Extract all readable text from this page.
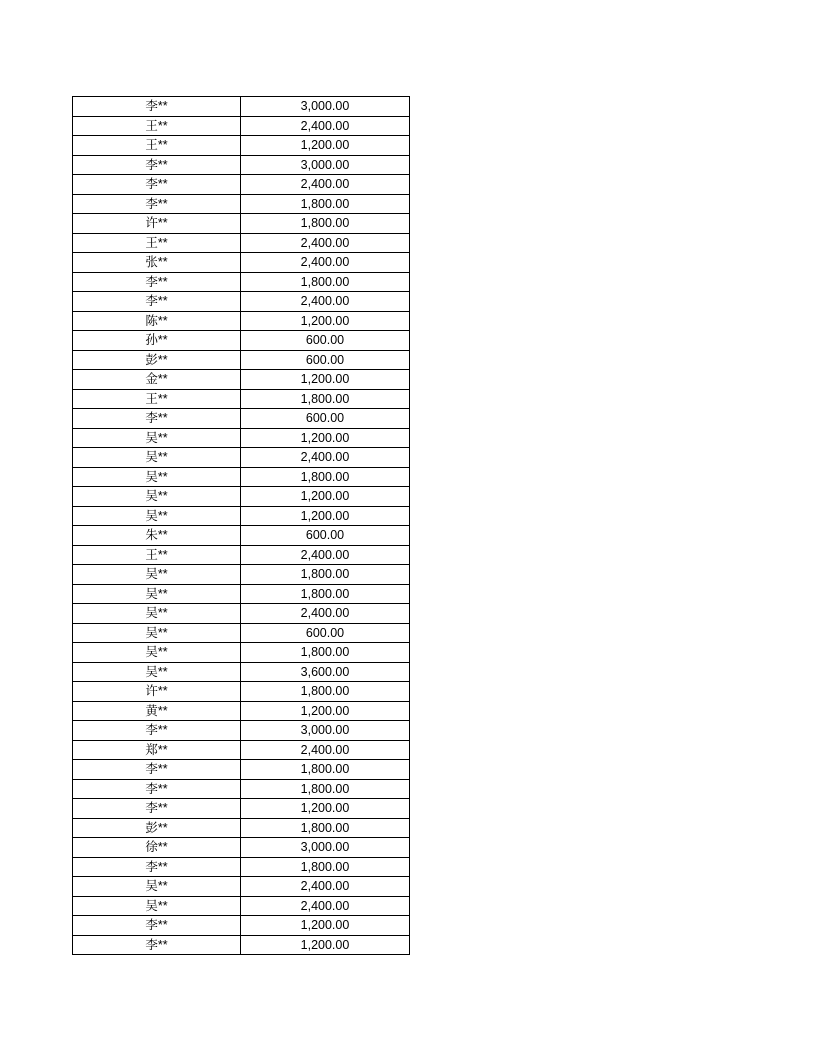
李**	3,000.00
王**	2,400.00
王**	1,200.00
李**	3,000.00
李**	2,400.00
李**	1,800.00
许**	1,800.00
王**	2,400.00
张**	2,400.00
李**	1,800.00
李**	2,400.00
陈**	1,200.00
孙**	600.00
彭**	600.00
金**	1,200.00
王**	1,800.00
李**	600.00
吴**	1,200.00
吴**	2,400.00
吴**	1,800.00
吴**	1,200.00
吴**	1,200.00
朱**	600.00
王**	2,400.00
吴**	1,800.00
吴**	1,800.00
吴**	2,400.00
吴**	600.00
吴**	1,800.00
吴**	3,600.00
许**	1,800.00
黄**	1,200.00
李**	3,000.00
郑**	2,400.00
李**	1,800.00
李**	1,800.00
李**	1,200.00
彭**	1,800.00
徐**	3,000.00
李**	1,800.00
吴**	2,400.00
吴**	2,400.00
李**	1,200.00
李**	1,200.00
